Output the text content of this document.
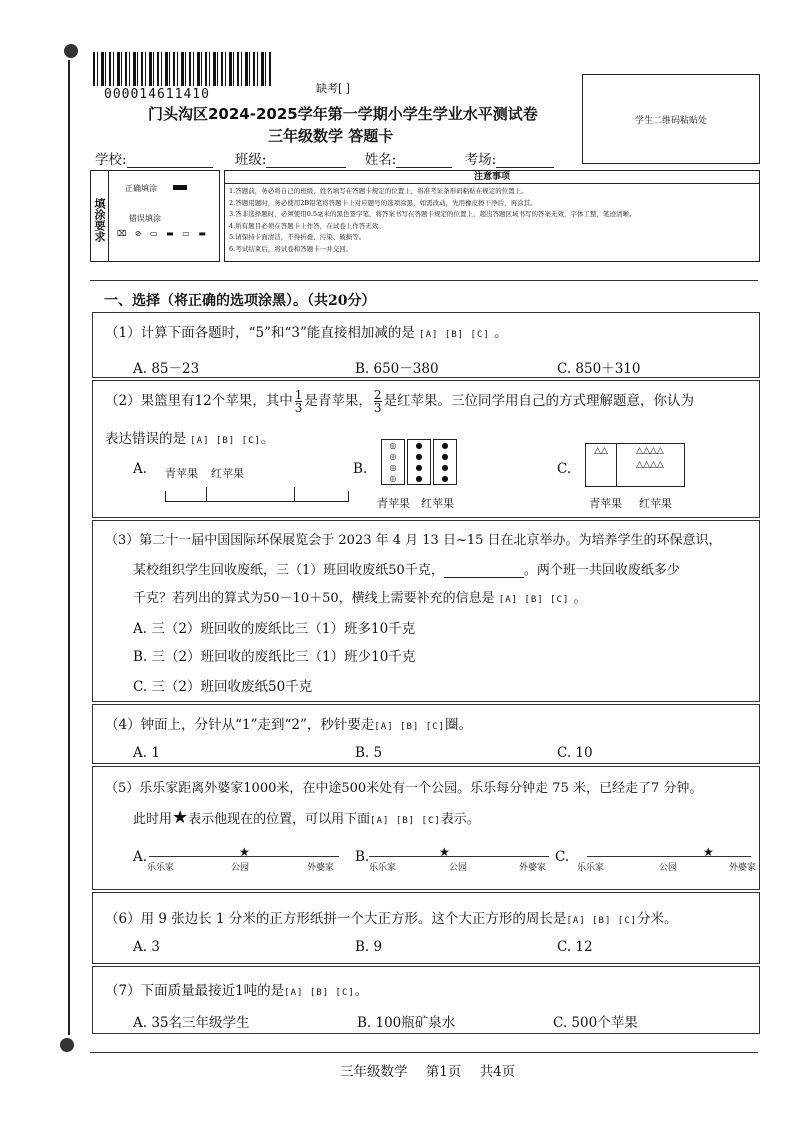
000014611410	缺考[ ]
门头沟区2024-2025学年第一学期小学生学业水平测试卷
三年级数学 答题卡
学生二维码粘贴处
学校:	班级:	姓名:	考场:
填涂要求
正确填涂
错误填涂
⌧ ⊘ ▭ ▬ ▭ ▬
注意事项
1.答题前，务必将自己的班级、姓名填写在答题卡规定的位置上，将准考证条形码粘贴在规定的位置上。
2.答题用题时，务必使用2B铅笔将答题卡上对应题号的选项涂黑，如需改动，先用橡皮擦干净后，再涂其。
3.答非选择题时，必须使用0.5毫米的黑色签字笔，将答案书写在答题卡规定的位置上，超出答题区域书写的答案无效，字体工整，笔迹清晰。
4.所有题目必须在答题卡上作答，在试卷上作答无效。
5.请保持卡面清洁，不得折叠、污染、破损等。
6.考试结束后，将试卷和答题卡一并交回。
一、选择（将正确的选项涂黑）。（共20分）
（1）计算下面各题时，“5”和“3”能直接相加减的是 [A] [B] [C] 。
A. 85－23	B. 650－380	C. 850＋310
（2）果篮里有12个苹果，其中 $\frac{1}{3}$ 是青苹果， $\frac{2}{3}$ 是红苹果。三位同学用自己的方式理解题意，你认为
表达错误的是 [A] [B] [C]。
A. 青苹果 红苹果	B.
◎
◎
◎
◎
●
●
●
●
●
●
●
●
青苹果 红苹果
C.
△△	△△△△
△△△△
青苹果 红苹果
（3）第二十一届中国国际环保展览会于 2023 年 4 月 13 日~15 日在北京举办。为培养学生的环保意识，
某校组织学生回收废纸，三（1）班回收废纸50千克，	。两个班一共回收废纸多少
千克？若列出的算式为50－10＋50，横线上需要补充的信息是 [A] [B] [C] 。
A. 三（2）班回收的废纸比三（1）班多10千克
B. 三（2）班回收的废纸比三（1）班少10千克
C. 三（2）班回收废纸50千克
（4）钟面上，分针从“1”走到“2”，秒针要走[A] [B] [C]圈。
A. 1	B. 5	C. 10
（5）乐乐家距离外婆家1000米，在中途500米处有一个公园。乐乐每分钟走 75 米，已经走了7 分钟。
此时用★表示他现在的位置，可以用下面[A] [B] [C]表示。
A.	★
乐乐家	公园	外婆家
B.	★
乐乐家	公园	外婆家
C.	★
乐乐家	公园	外婆家
（6）用 9 张边长 1 分米的正方形纸拼一个大正方形。这个大正方形的周长是[A] [B] [C]分米。
A. 3	B. 9	C. 12
（7）下面质量最接近1吨的是[A] [B] [C]。
A. 35名三年级学生	B. 100瓶矿泉水	C. 500个苹果
三年级数学 第1页 共4页
